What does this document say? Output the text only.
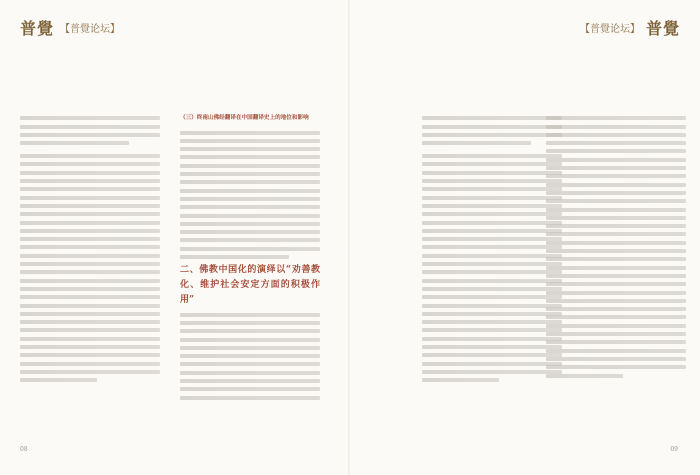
普覺 【普覺论坛】

（三）终南山佛经翻译在中国翻译史上的地位和影响

二、佛教中国化的演绎以“劝善教化、维护社会安定方面的积极作用”

08
【普覺论坛】 普覺
09
